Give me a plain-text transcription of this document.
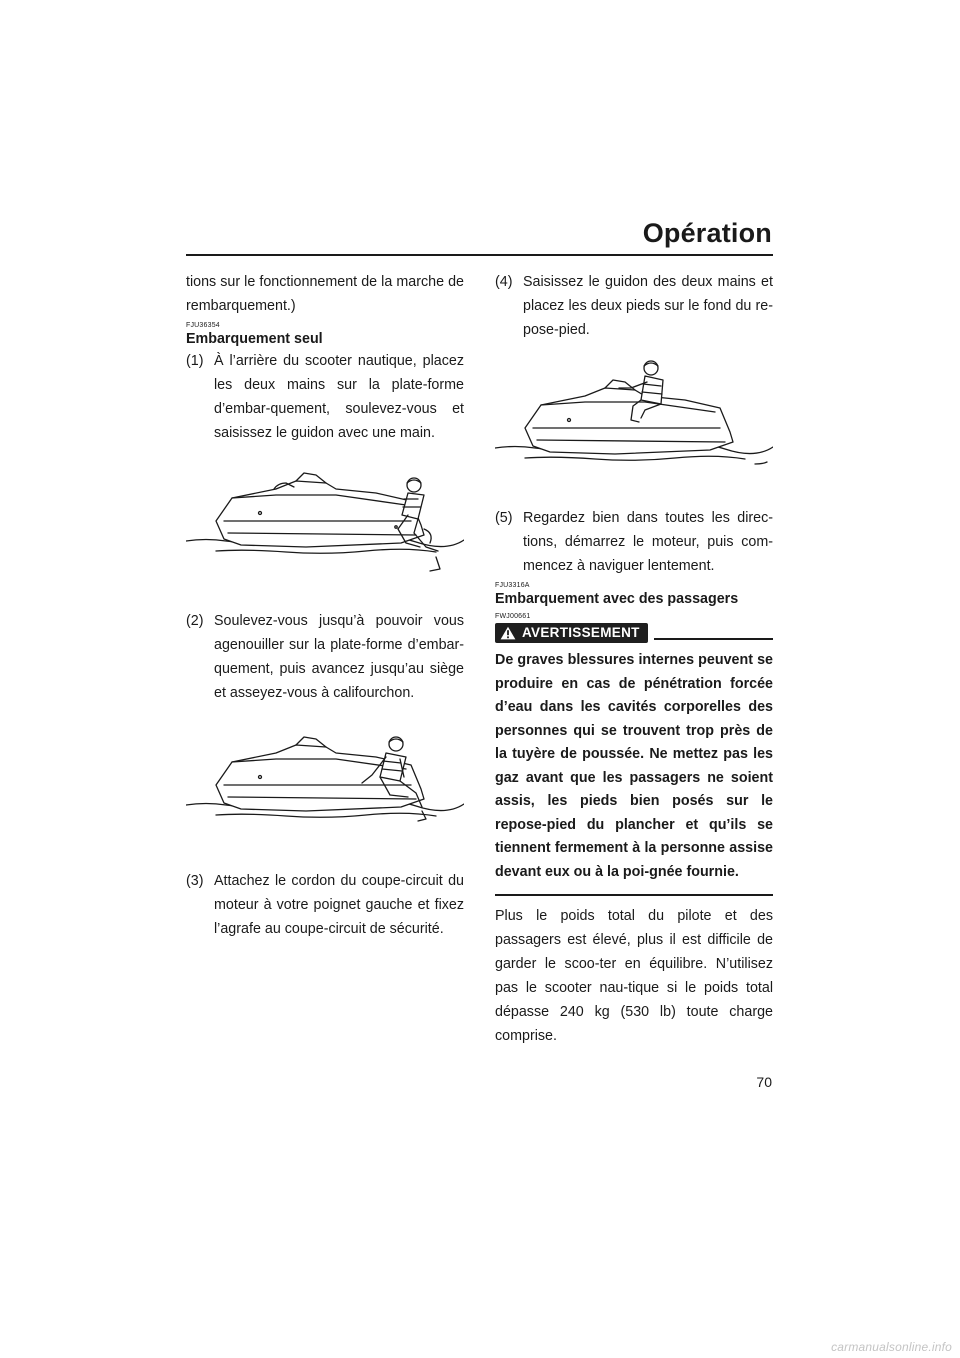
Opération

tions sur le fonctionnement de la marche de rembarquement.)

FJU36354
Embarquement seul
(1) À l’arrière du scooter nautique, placez les deux mains sur la plate-forme d’embar-quement, soulevez-vous et saisissez le guidon avec une main.
(2) Soulevez-vous jusqu’à pouvoir vous agenouiller sur la plate-forme d’embar-quement, puis avancez jusqu’au siège et asseyez-vous à califourchon.
(3) Attachez le cordon du coupe-circuit du moteur à votre poignet gauche et fixez l’agrafe au coupe-circuit de sécurité.
(4) Saisissez le guidon des deux mains et placez les deux pieds sur le fond du re-pose-pied.
(5) Regardez bien dans toutes les direc-tions, démarrez le moteur, puis com-mencez à naviguer lentement.
FJU3316A
Embarquement avec des passagers
FWJ00661
AVERTISSEMENT

De graves blessures internes peuvent se produire en cas de pénétration forcée d’eau dans les cavités corporelles des personnes qui se trouvent trop près de la tuyère de poussée. Ne mettez pas les gaz avant que les passagers ne soient assis, les pieds bien posés sur le repose-pied du plancher et qu’ils se tiennent fermement à la personne assise devant eux ou à la poi-gnée fournie.

Plus le poids total du pilote et des passagers est élevé, plus il est difficile de garder le scoo-ter en équilibre. N’utilisez pas le scooter nau-tique si le poids total dépasse 240 kg (530 lb) toute charge comprise.

70
carmanualsonline.info
